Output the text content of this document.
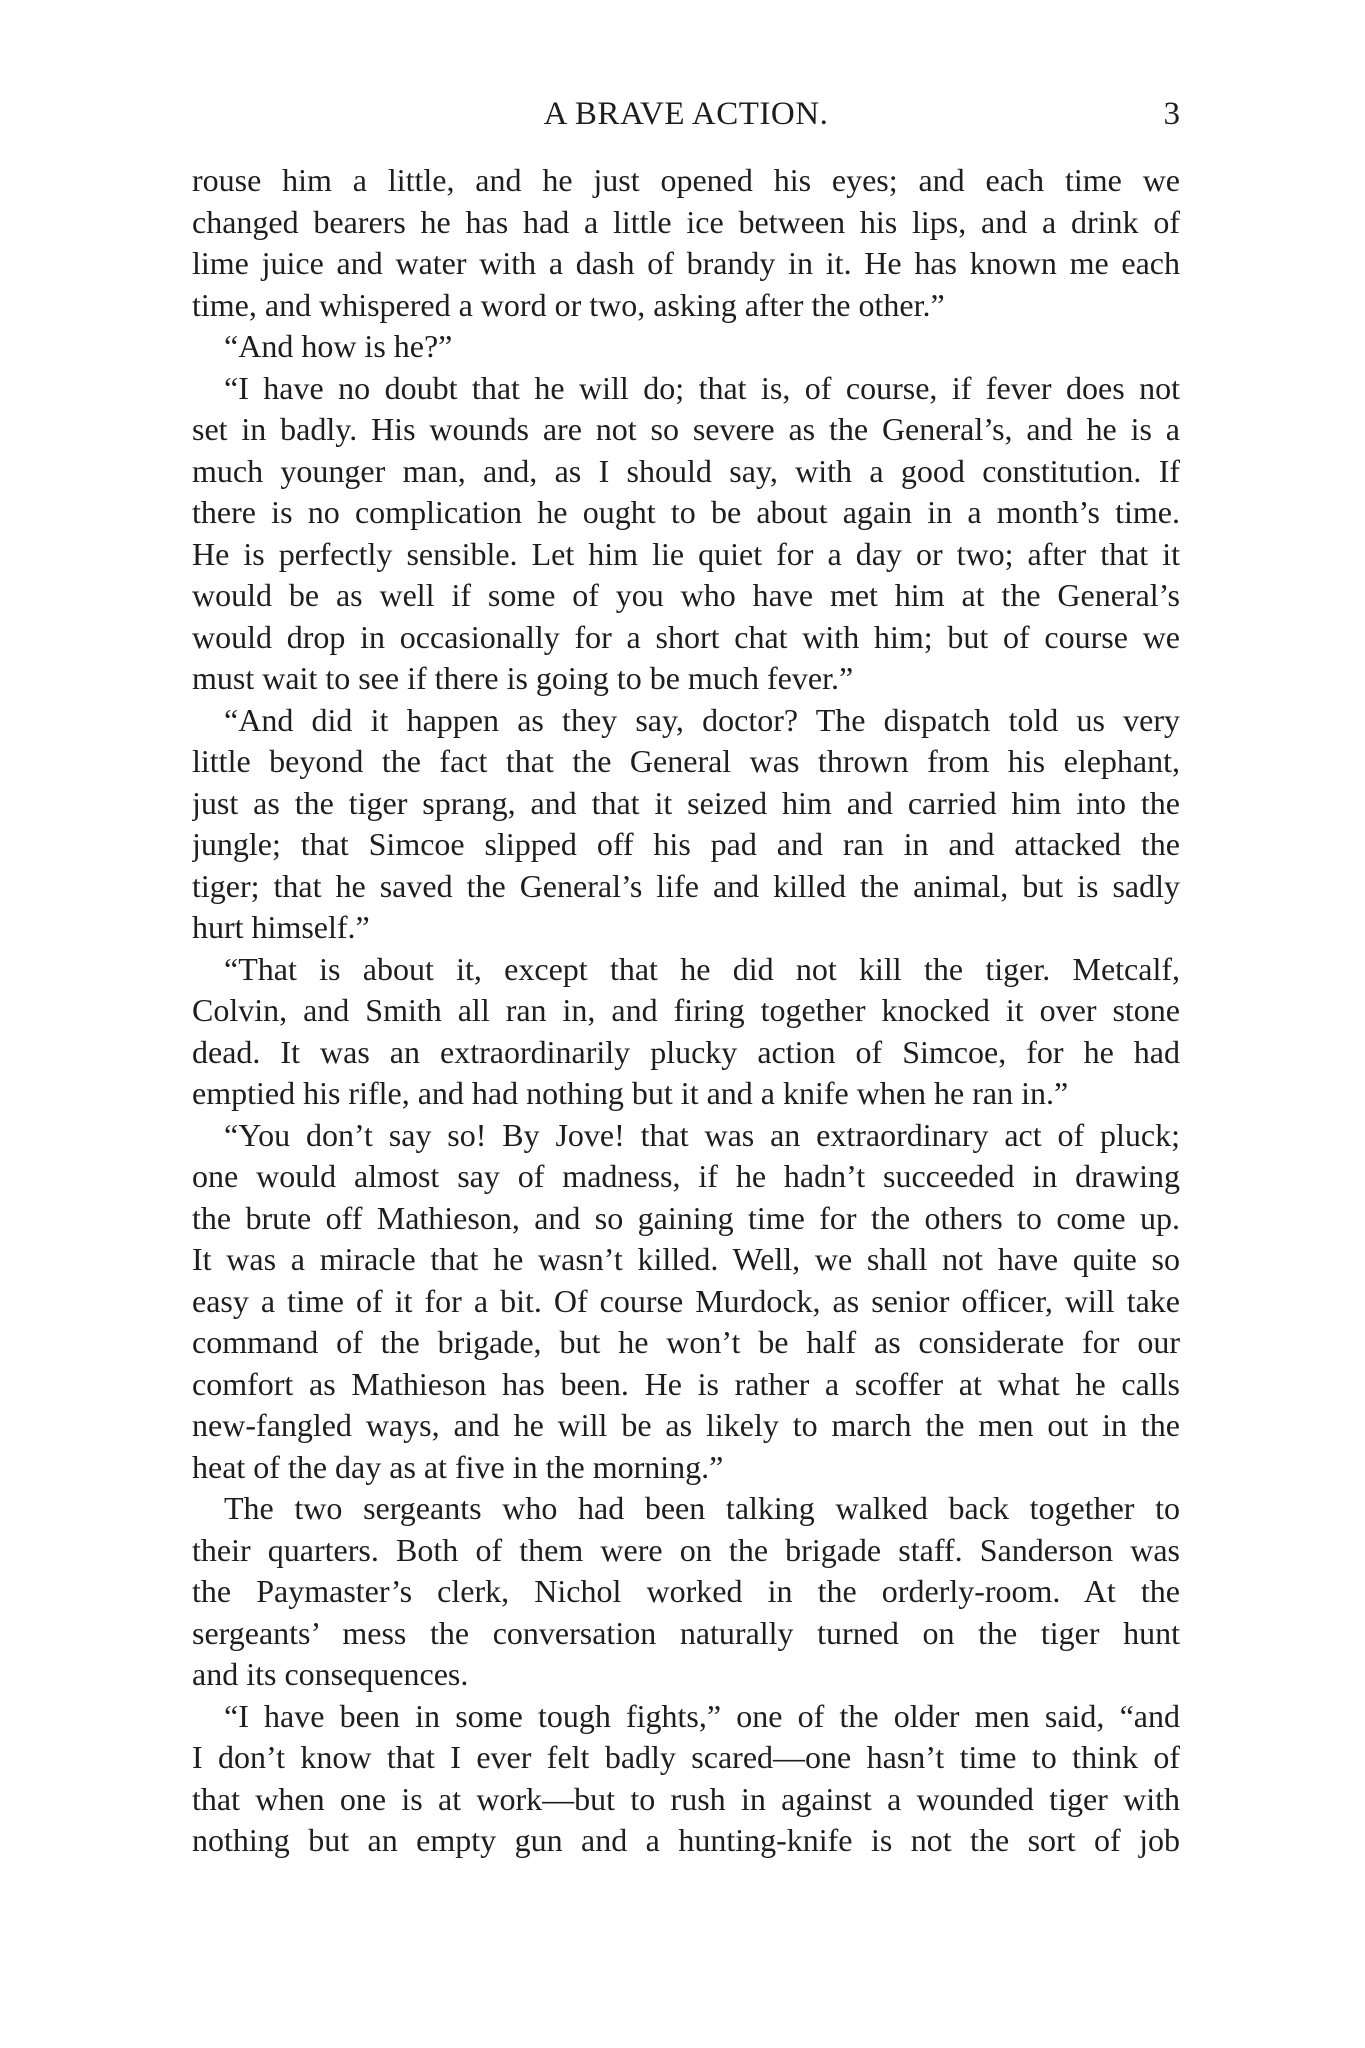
A BRAVE ACTION.	3
rouse him a little, and he just opened his eyes; and each time we
changed bearers he has had a little ice between his lips, and a drink of
lime juice and water with a dash of brandy in it. He has known me each
time, and whispered a word or two, asking after the other.”
“And how is he?”
“I have no doubt that he will do; that is, of course, if fever does not
set in badly. His wounds are not so severe as the General’s, and he is a
much younger man, and, as I should say, with a good constitution. If
there is no complication he ought to be about again in a month’s time.
He is perfectly sensible. Let him lie quiet for a day or two; after that it
would be as well if some of you who have met him at the General’s
would drop in occasionally for a short chat with him; but of course we
must wait to see if there is going to be much fever.”
“And did it happen as they say, doctor? The dispatch told us very
little beyond the fact that the General was thrown from his elephant,
just as the tiger sprang, and that it seized him and carried him into the
jungle; that Simcoe slipped off his pad and ran in and attacked the
tiger; that he saved the General’s life and killed the animal, but is sadly
hurt himself.”
“That is about it, except that he did not kill the tiger. Metcalf,
Colvin, and Smith all ran in, and firing together knocked it over stone
dead. It was an extraordinarily plucky action of Simcoe, for he had
emptied his rifle, and had nothing but it and a knife when he ran in.”
“You don’t say so! By Jove! that was an extraordinary act of pluck;
one would almost say of madness, if he hadn’t succeeded in drawing
the brute off Mathieson, and so gaining time for the others to come up.
It was a miracle that he wasn’t killed. Well, we shall not have quite so
easy a time of it for a bit. Of course Murdock, as senior officer, will take
command of the brigade, but he won’t be half as considerate for our
comfort as Mathieson has been. He is rather a scoffer at what he calls
new-fangled ways, and he will be as likely to march the men out in the
heat of the day as at five in the morning.”
The two sergeants who had been talking walked back together to
their quarters. Both of them were on the brigade staff. Sanderson was
the Paymaster’s clerk, Nichol worked in the orderly-room. At the
sergeants’ mess the conversation naturally turned on the tiger hunt
and its consequences.
“I have been in some tough fights,” one of the older men said, “and
I don’t know that I ever felt badly scared—one hasn’t time to think of
that when one is at work—but to rush in against a wounded tiger with
nothing but an empty gun and a hunting-knife is not the sort of job
